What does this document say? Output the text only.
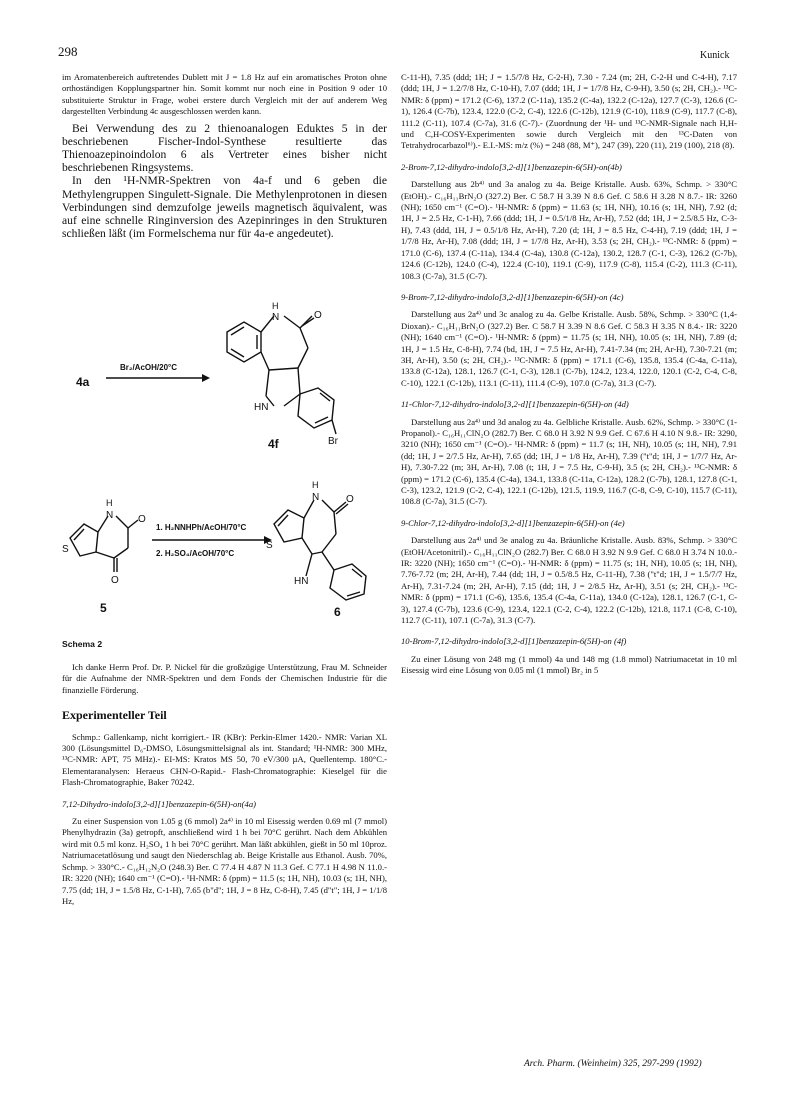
298	Kunick

im Aromatenbereich auftretendes Dublett mit J = 1.8 Hz auf ein aromatisches Proton ohne orthoständigen Kopplungspartner hin. Somit kommt nur noch eine in Position 9 oder 10 substituierte Struktur in Frage, wobei erstere durch Vergleich mit der auf anderem Weg dargestellten Verbindung 4c ausgeschlossen werden kann.

Bei Verwendung des zu 2 thienoanalogen Eduktes 5 in der beschriebenen Fischer-Indol-Synthese resultierte das Thienoazepinoindolon 6 als Vertreter eines bisher nicht beschriebenen Ringsystems.

In den ¹H-NMR-Spektren von 4a-f und 6 geben die Methylengruppen Singulett-Signale. Die Methylenprotonen in diesen Verbindungen sind demzufolge jeweils magnetisch äquivalent, was auf eine schnelle Ringinversion des Azepinringes in den Strukturen schließen läßt (im Formelschema nur für 4a-e angedeutet).

4a
Br₂/AcOH/20°C
H
N	O
HN
Br
4f
H
N O
O
S
5
1. H₂NNHPh/AcOH/70°C
2. H₂SO₄/AcOH/70°C
H
N	O
S
HN
6
Schema 2

Ich danke Herrn Prof. Dr. P. Nickel für die großzügige Unterstützung, Frau M. Schneider für die Aufnahme der NMR-Spektren und dem Fonds der Chemischen Industrie für die finanzielle Förderung.

Experimenteller Teil

Schmp.: Gallenkamp, nicht korrigiert.- IR (KBr): Perkin-Elmer 1420.- NMR: Varian XL 300 (Lösungsmittel D₆-DMSO, Lösungsmittelsignal als int. Standard; ¹H-NMR: 300 MHz, ¹³C-NMR: APT, 75 MHz).- EI-MS: Kratos MS 50, 70 eV/300 µA, Quellentemp. 180°C.- Elementaranalysen: Heraeus CHN-O-Rapid.- Flash-Chromatographie: Kieselgel für die Flash-Chromatographie, Baker 70242.

7,12-Dihydro-indolo[3,2-d][1]benzazepin-6(5H)-on(4a)

Zu einer Suspension von 1.05 g (6 mmol) 2a⁴⁾ in 10 ml Eisessig werden 0.69 ml (7 mmol) Phenylhydrazin (3a) getropft, anschließend wird 1 h bei 70°C gerührt. Nach dem Abkühlen wird mit 0.5 ml konz. H₂SO₄ 1 h bei 70°C gerührt. Man läßt abkühlen, gießt in 50 ml 10proz. Natriumacetatlösung und saugt den Niederschlag ab. Beige Kristalle aus Ethanol. Ausb. 70%, Schmp. > 330°C.- C₁₆H₁₂N₂O (248.3) Ber. C 77.4 H 4.87 N 11.3 Gef. C 77.1 H 4.98 N 11.0.- IR: 3220 (NH); 1640 cm⁻¹ (C=O).- ¹H-NMR: δ (ppm) = 11.5 (s; 1H, NH), 10.03 (s; 1H, NH), 7.75 (dd; 1H, J = 1.5/8 Hz, C-1-H), 7.65 (b"d"; 1H, J = 8 Hz, C-8-H), 7.45 (d"t"; 1H, J = 1/1/8 Hz,

C-11-H), 7.35 (ddd; 1H; J = 1.5/7/8 Hz, C-2-H), 7.30 - 7.24 (m; 2H, C-2-H und C-4-H), 7.17 (ddd; 1H, J = 1.2/7/8 Hz, C-10-H), 7.07 (ddd; 1H, J = 1/7/8 Hz, C-9-H), 3.50 (s; 2H, CH₂).- ¹³C-NMR: δ (ppm) = 171.2 (C-6), 137.2 (C-11a), 135.2 (C-4a), 132.2 (C-12a), 127.7 (C-3), 126.6 (C-1), 126.4 (C-7b), 123.4, 122.0 (C-2, C-4), 122.6 (C-12b), 121.9 (C-10), 118.9 (C-9), 117.7 (C-8), 111.2 (C-11), 107.4 (C-7a), 31.6 (C-7).- (Zuordnung der ¹H- und ¹³C-NMR-Signale nach H,H- und C,H-COSY-Experimenten sowie durch Vergleich mit den ¹³C-Daten von Tetrahydrocarbazol⁶⁾).- E.I.-MS: m/z (%) = 248 (88, M⁺), 247 (39), 220 (11), 219 (100), 218 (8).

2-Brom-7,12-dihydro-indolo[3,2-d][1]benzazepin-6(5H)-on(4b)

Darstellung aus 2b⁴⁾ und 3a analog zu 4a. Beige Kristalle. Ausb. 63%, Schmp. > 330°C (EtOH).- C₁₆H₁₁BrN₂O (327.2) Ber. C 58.7 H 3.39 N 8.6 Gef. C 58.6 H 3.28 N 8.7.- IR: 3260 (NH); 1650 cm⁻¹ (C=O).- ¹H-NMR: δ (ppm) = 11.63 (s; 1H, NH), 10.16 (s; 1H, NH), 7.92 (d; 1H, J = 2.5 Hz, C-1-H), 7.66 (ddd; 1H, J = 0.5/1/8 Hz, Ar-H), 7.52 (dd; 1H, J = 2.5/8.5 Hz, C-3-H), 7.43 (ddd, 1H, J = 0.5/1/8 Hz, Ar-H), 7.20 (d; 1H, J = 8.5 Hz, C-4-H), 7.19 (ddd; 1H, J = 1/7/8 Hz, Ar-H), 7.08 (ddd; 1H, J = 1/7/8 Hz, Ar-H), 3.53 (s; 2H, CH₂).- ¹³C-NMR: δ (ppm) = 171.0 (C-6), 137.4 (C-11a), 134.4 (C-4a), 130.8 (C-12a), 130.2, 128.7 (C-1, C-3), 126.2 (C-7b), 124.6 (C-12b), 124.0 (C-4), 122.4 (C-10), 119.1 (C-9), 117.9 (C-8), 115.4 (C-2), 111.3 (C-11), 108.3 (C-7a), 31.5 (C-7).

9-Brom-7,12-dihydro-indolo[3,2-d][1]benzazepin-6(5H)-on (4c)

Darstellung aus 2a⁴⁾ und 3c analog zu 4a. Gelbe Kristalle. Ausb. 58%, Schmp. > 330°C (1,4-Dioxan).- C₁₆H₁₁BrN₂O (327.2) Ber. C 58.7 H 3.39 N 8.6 Gef. C 58.3 H 3.35 N 8.4.- IR: 3220 (NH); 1640 cm⁻¹ (C=O).- ¹H-NMR: δ (ppm) = 11.75 (s; 1H, NH), 10.05 (s; 1H, NH), 7.89 (d; 1H, J = 1.5 Hz, C-8-H), 7.74 (bd, 1H, J = 7.5 Hz, Ar-H), 7.41-7.34 (m; 2H, Ar-H), 7.30-7.21 (m; 3H, Ar-H), 3.50 (s; 2H, CH₂).- ¹³C-NMR: δ (ppm) = 171.1 (C-6), 135.8, 135.4 (C-4a, C-11a), 133.8 (C-12a), 128.1, 126.7 (C-1, C-3), 128.1 (C-7b), 124.2, 123.4, 122.0, 120.1 (C-2, C-4, C-8, C-10), 122.1 (C-12b), 113.1 (C-11), 111.4 (C-9), 107.0 (C-7a), 31.3 (C-7).

11-Chlor-7,12-dihydro-indolo[3,2-d][1]benzazepin-6(5H)-on (4d)

Darstellung aus 2a⁴⁾ und 3d analog zu 4a. Gelbliche Kristalle. Ausb. 62%, Schmp. > 330°C (1-Propanol).- C₁₆H₁₁ClN₂O (282.7) Ber. C 68.0 H 3.92 N 9.9 Gef. C 67.6 H 4.10 N 9.8.- IR: 3290, 3210 (NH); 1650 cm⁻¹ (C=O).- ¹H-NMR: δ (ppm) = 11.7 (s; 1H, NH), 10.05 (s; 1H, NH), 7.91 (dd; 1H, J = 2/7.5 Hz, Ar-H), 7.65 (dd; 1H, J = 1/8 Hz, Ar-H), 7.39 ("t"d; 1H, J = 1/7/7 Hz, Ar-H), 7.30-7.22 (m; 3H, Ar-H), 7.08 (t; 1H, J = 7.5 Hz, C-9-H), 3.5 (s; 2H, CH₂).- ¹³C-NMR: δ (ppm) = 171.2 (C-6), 135.4 (C-4a), 134.1, 133.8 (C-11a, C-12a), 128.2 (C-7b), 128.1, 127.8 (C-1, C-3), 123.2, 121.9 (C-2, C-4), 122.1 (C-12b), 121.5, 119.9, 116.7 (C-8, C-9, C-10), 115.7 (C-11), 108.8 (C-7a), 31.5 (C-7).

9-Chlor-7,12-dihydro-indolo[3,2-d][1]benzazepin-6(5H)-on (4e)

Darstellung aus 2a⁴⁾ und 3e analog zu 4a. Bräunliche Kristalle. Ausb. 83%, Schmp. > 330°C (EtOH/Acetonitril).- C₁₆H₁₁ClN₂O (282.7) Ber. C 68.0 H 3.92 N 9.9 Gef. C 68.0 H 3.74 N 10.0.- IR: 3220 (NH); 1650 cm⁻¹ (C=O).- ¹H-NMR: δ (ppm) = 11.75 (s; 1H, NH), 10.05 (s; 1H, NH), 7.76-7.72 (m; 2H, Ar-H), 7.44 (dd; 1H, J = 0.5/8.5 Hz, C-11-H), 7.38 ("t"d; 1H, J = 1.5/7/7 Hz, Ar-H), 7.31-7.24 (m; 2H, Ar-H), 7.15 (dd; 1H, J = 2/8.5 Hz, Ar-H), 3.51 (s; 2H, CH₂).- ¹³C-NMR: δ (ppm) = 171.1 (C-6), 135.6, 135.4 (C-4a, C-11a), 134.0 (C-12a), 128.1, 126.7 (C-1, C-3), 127.4 (C-7b), 123.6 (C-9), 123.4, 122.1 (C-2, C-4), 122.2 (C-12b), 121.8, 117.1 (C-8, C-10), 112.7 (C-11), 107.1 (C-7a), 31.3 (C-7).

10-Brom-7,12-dihydro-indolo[3,2-d][1]benzazepin-6(5H)-on (4f)

Zu einer Lösung von 248 mg (1 mmol) 4a und 148 mg (1.8 mmol) Natriumacetat in 10 ml Eisessig wird eine Lösung von 0.05 ml (1 mmol) Br₂ in 5

Arch. Pharm. (Weinheim) 325, 297-299 (1992)
